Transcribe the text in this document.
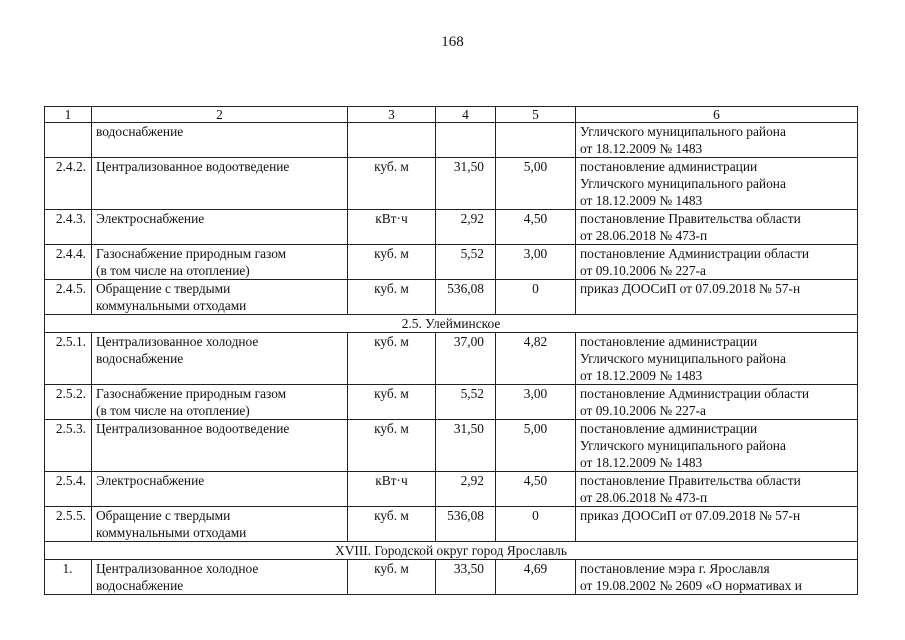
168
1	2	3	4	5	6

	водоснабжение				Угличского муниципального района
от 18.12.2009 № 1483

2.4.2.	Централизованное водоотведение	куб. м	31,50	5,00	постановление администрации
Угличского муниципального района
от 18.12.2009 № 1483

2.4.3.	Электроснабжение	кВт·ч	2,92	4,50	постановление Правительства области
от 28.06.2018 № 473-п

2.4.4.	Газоснабжение природным газом
(в том числе на отопление)	куб. м	5,52	3,00	постановление Администрации области
от 09.10.2006 № 227-а

2.4.5.	Обращение с твердыми
коммунальными отходами	куб. м	536,08	0	приказ ДООСиП от 07.09.2018 № 57-н

2.5. Улейминское					
2.5.1.	Централизованное холодное
водоснабжение	куб. м	37,00	4,82	постановление администрации
Угличского муниципального района
от 18.12.2009 № 1483

2.5.2.	Газоснабжение природным газом
(в том числе на отопление)	куб. м	5,52	3,00	постановление Администрации области
от 09.10.2006 № 227-а

2.5.3.	Централизованное водоотведение	куб. м	31,50	5,00	постановление администрации
Угличского муниципального района
от 18.12.2009 № 1483

2.5.4.	Электроснабжение	кВт·ч	2,92	4,50	постановление Правительства области
от 28.06.2018 № 473-п

2.5.5.	Обращение с твердыми
коммунальными отходами	куб. м	536,08	0	приказ ДООСиП от 07.09.2018 № 57-н

XVIII. Городской округ город Ярославль					
1.	Централизованное холодное
водоснабжение	куб. м	33,50	4,69	постановление мэра г. Ярославля
от 19.08.2002 № 2609 «О нормативах и
